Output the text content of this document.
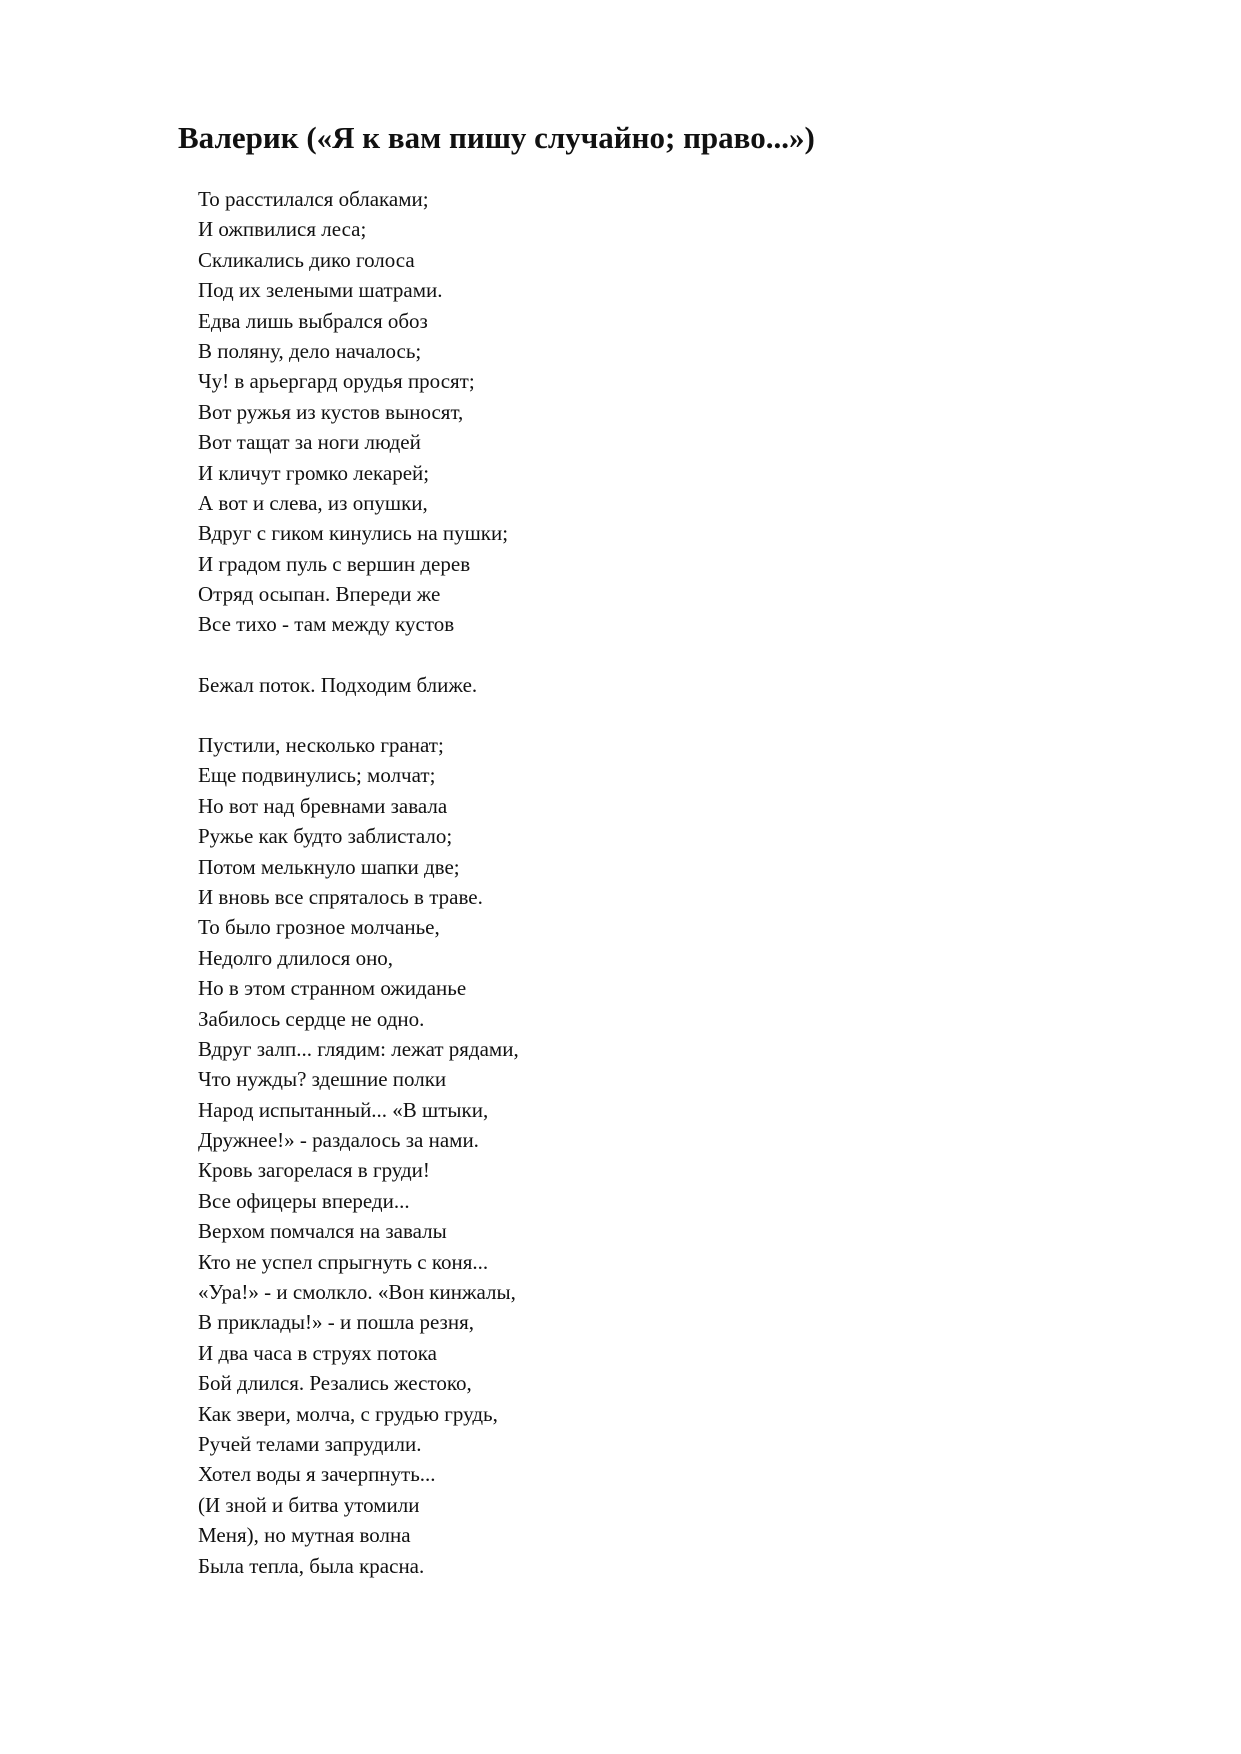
Валерик («Я к вам пишу случайно; право...»)
То расстилался облаками;
И ожпвилися леса;
Скликались дико голоса
Под их зелеными шатрами.
Едва лишь выбрался обоз
В поляну, дело началось;
Чу! в арьергард орудья просят;
Вот ружья из кустов выносят,
Вот тащат за ноги людей
И кличут громко лекарей;
А вот и слева, из опушки,
Вдруг с гиком кинулись на пушки;
И градом пуль с вершин дерев
Отряд осыпан. Впереди же
Все тихо - там между кустов
Бежал поток. Подходим ближе.
Пустили, несколько гранат;
Еще подвинулись; молчат;
Но вот над бревнами завала
Ружье как будто заблистало;
Потом мелькнуло шапки две;
И вновь все спряталось в траве.
То было грозное молчанье,
Недолго длилося оно,
Но в этом странном ожиданье
Забилось сердце не одно.
Вдруг залп... глядим: лежат рядами,
Что нужды? здешние полки
Народ испытанный... «В штыки,
Дружнее!» - раздалось за нами.
Кровь загорелася в груди!
Все офицеры впереди...
Верхом помчался на завалы
Кто не успел спрыгнуть с коня...
«Ура!» - и смолкло. «Вон кинжалы,
В приклады!» - и пошла резня,
И два часа в струях потока
Бой длился. Резались жестоко,
Как звери, молча, с грудью грудь,
Ручей телами запрудили.
Хотел воды я зачерпнуть...
(И зной и битва утомили
Меня), но мутная волна
Была тепла, была красна.
